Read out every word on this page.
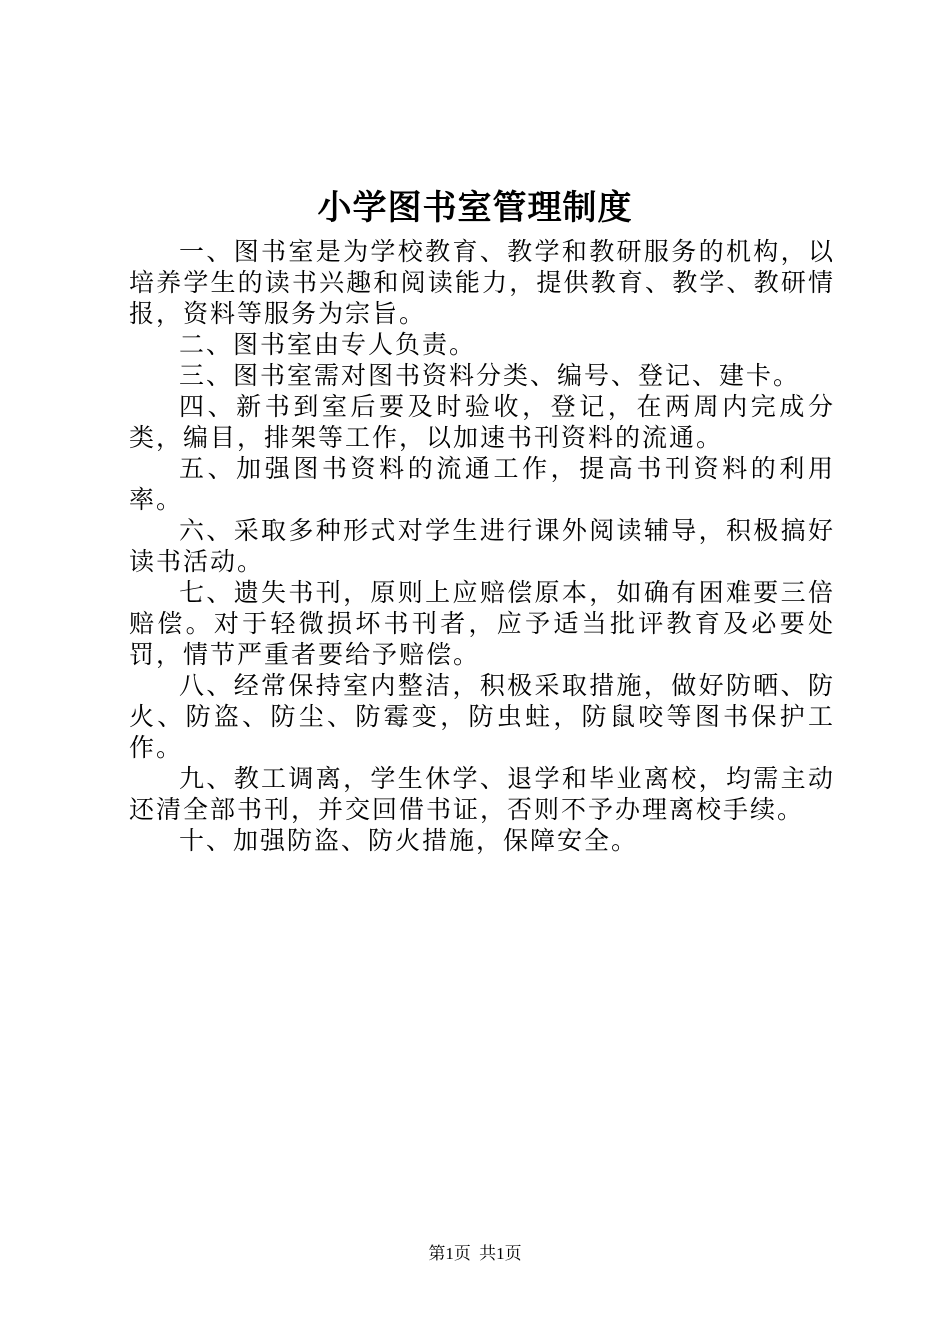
小学图书室管理制度

一、图书室是为学校教育、教学和教研服务的机构，以培养学生的读书兴趣和阅读能力，提供教育、教学、教研情报，资料等服务为宗旨。

二、图书室由专人负责。

三、图书室需对图书资料分类、编号、登记、建卡。

四、新书到室后要及时验收，登记，在两周内完成分类，编目，排架等工作，以加速书刊资料的流通。

五、加强图书资料的流通工作，提高书刊资料的利用率。

六、采取多种形式对学生进行课外阅读辅导，积极搞好读书活动。

七、遗失书刊，原则上应赔偿原本，如确有困难要三倍赔偿。对于轻微损坏书刊者，应予适当批评教育及必要处罚，情节严重者要给予赔偿。

八、经常保持室内整洁，积极采取措施，做好防晒、防火、防盗、防尘、防霉变，防虫蛀，防鼠咬等图书保护工作。

九、教工调离，学生休学、退学和毕业离校，均需主动还清全部书刊，并交回借书证，否则不予办理离校手续。

十、加强防盗、防火措施，保障安全。

第1页 共1页
